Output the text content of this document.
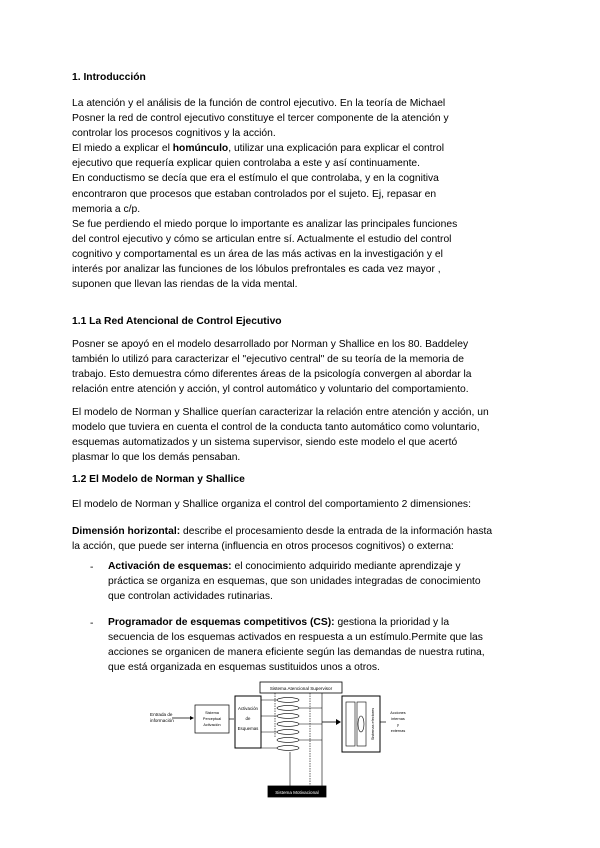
1. Introducción
La atención y el análisis de la función de control ejecutivo. En la teoría de Michael
Posner la red de control ejecutivo constituye el tercer componente de la atención y
controlar los procesos cognitivos y la acción.
El miedo a explicar el homúnculo, utilizar una explicación para explicar el control
ejecutivo que requería explicar quien controlaba a este y así continuamente.
En conductismo se decía que era el estímulo el que controlaba, y en la cognitiva
encontraron que procesos que estaban controlados por el sujeto. Ej, repasar en
memoria a c/p.
Se fue perdiendo el miedo porque lo importante es analizar las principales funciones
del control ejecutivo y cómo se articulan entre sí. Actualmente el estudio del control
cognitivo y comportamental es un área de las más activas en la investigación y el
interés por analizar las funciones de los lóbulos prefrontales es cada vez mayor ,
suponen que llevan las riendas de la vida mental.
1.1 La Red Atencional de Control Ejecutivo
Posner se apoyó en el modelo desarrollado por Norman y Shallice en los 80. Baddeley
también lo utilizó para caracterizar el "ejecutivo central" de su teoría de la memoria de
trabajo. Esto demuestra cómo diferentes áreas de la psicología convergen al abordar la
relación entre atención y acción, yl control automático y voluntario del comportamiento.
El modelo de Norman y Shallice querían caracterizar la relación entre atención y acción, un
modelo que tuviera en cuenta el control de la conducta tanto automático como voluntario,
esquemas automatizados y un sistema supervisor, siendo este modelo el que acertó
plasmar lo que los demás pensaban.
1.2 El Modelo de Norman y Shallice
El modelo de Norman y Shallice organiza el control del comportamiento 2 dimensiones:
Dimensión horizontal: describe el procesamiento desde la entrada de la información hasta
la acción, que puede ser interna (influencia en otros procesos cognitivos) o externa:
- Activación de esquemas: el conocimiento adquirido mediante aprendizaje y
práctica se organiza en esquemas, que son unidades integradas de conocimiento
que controlan actividades rutinarias.
- Programador de esquemas competitivos (CS): gestiona la prioridad y la
secuencia de los esquemas activados en respuesta a un estímulo.Permite que las
acciones se organicen de manera eficiente según las demandas de nuestra rutina,
que está organizada en esquemas sustituidos unos a otros.
Sistema Atencional Supervisor
Entrada de
información
Sistema
Perceptual
Activación
Activación
de
Esquemas	Sistemas efectores	Acciones
internas
y
externas
Sistema Motivacional
